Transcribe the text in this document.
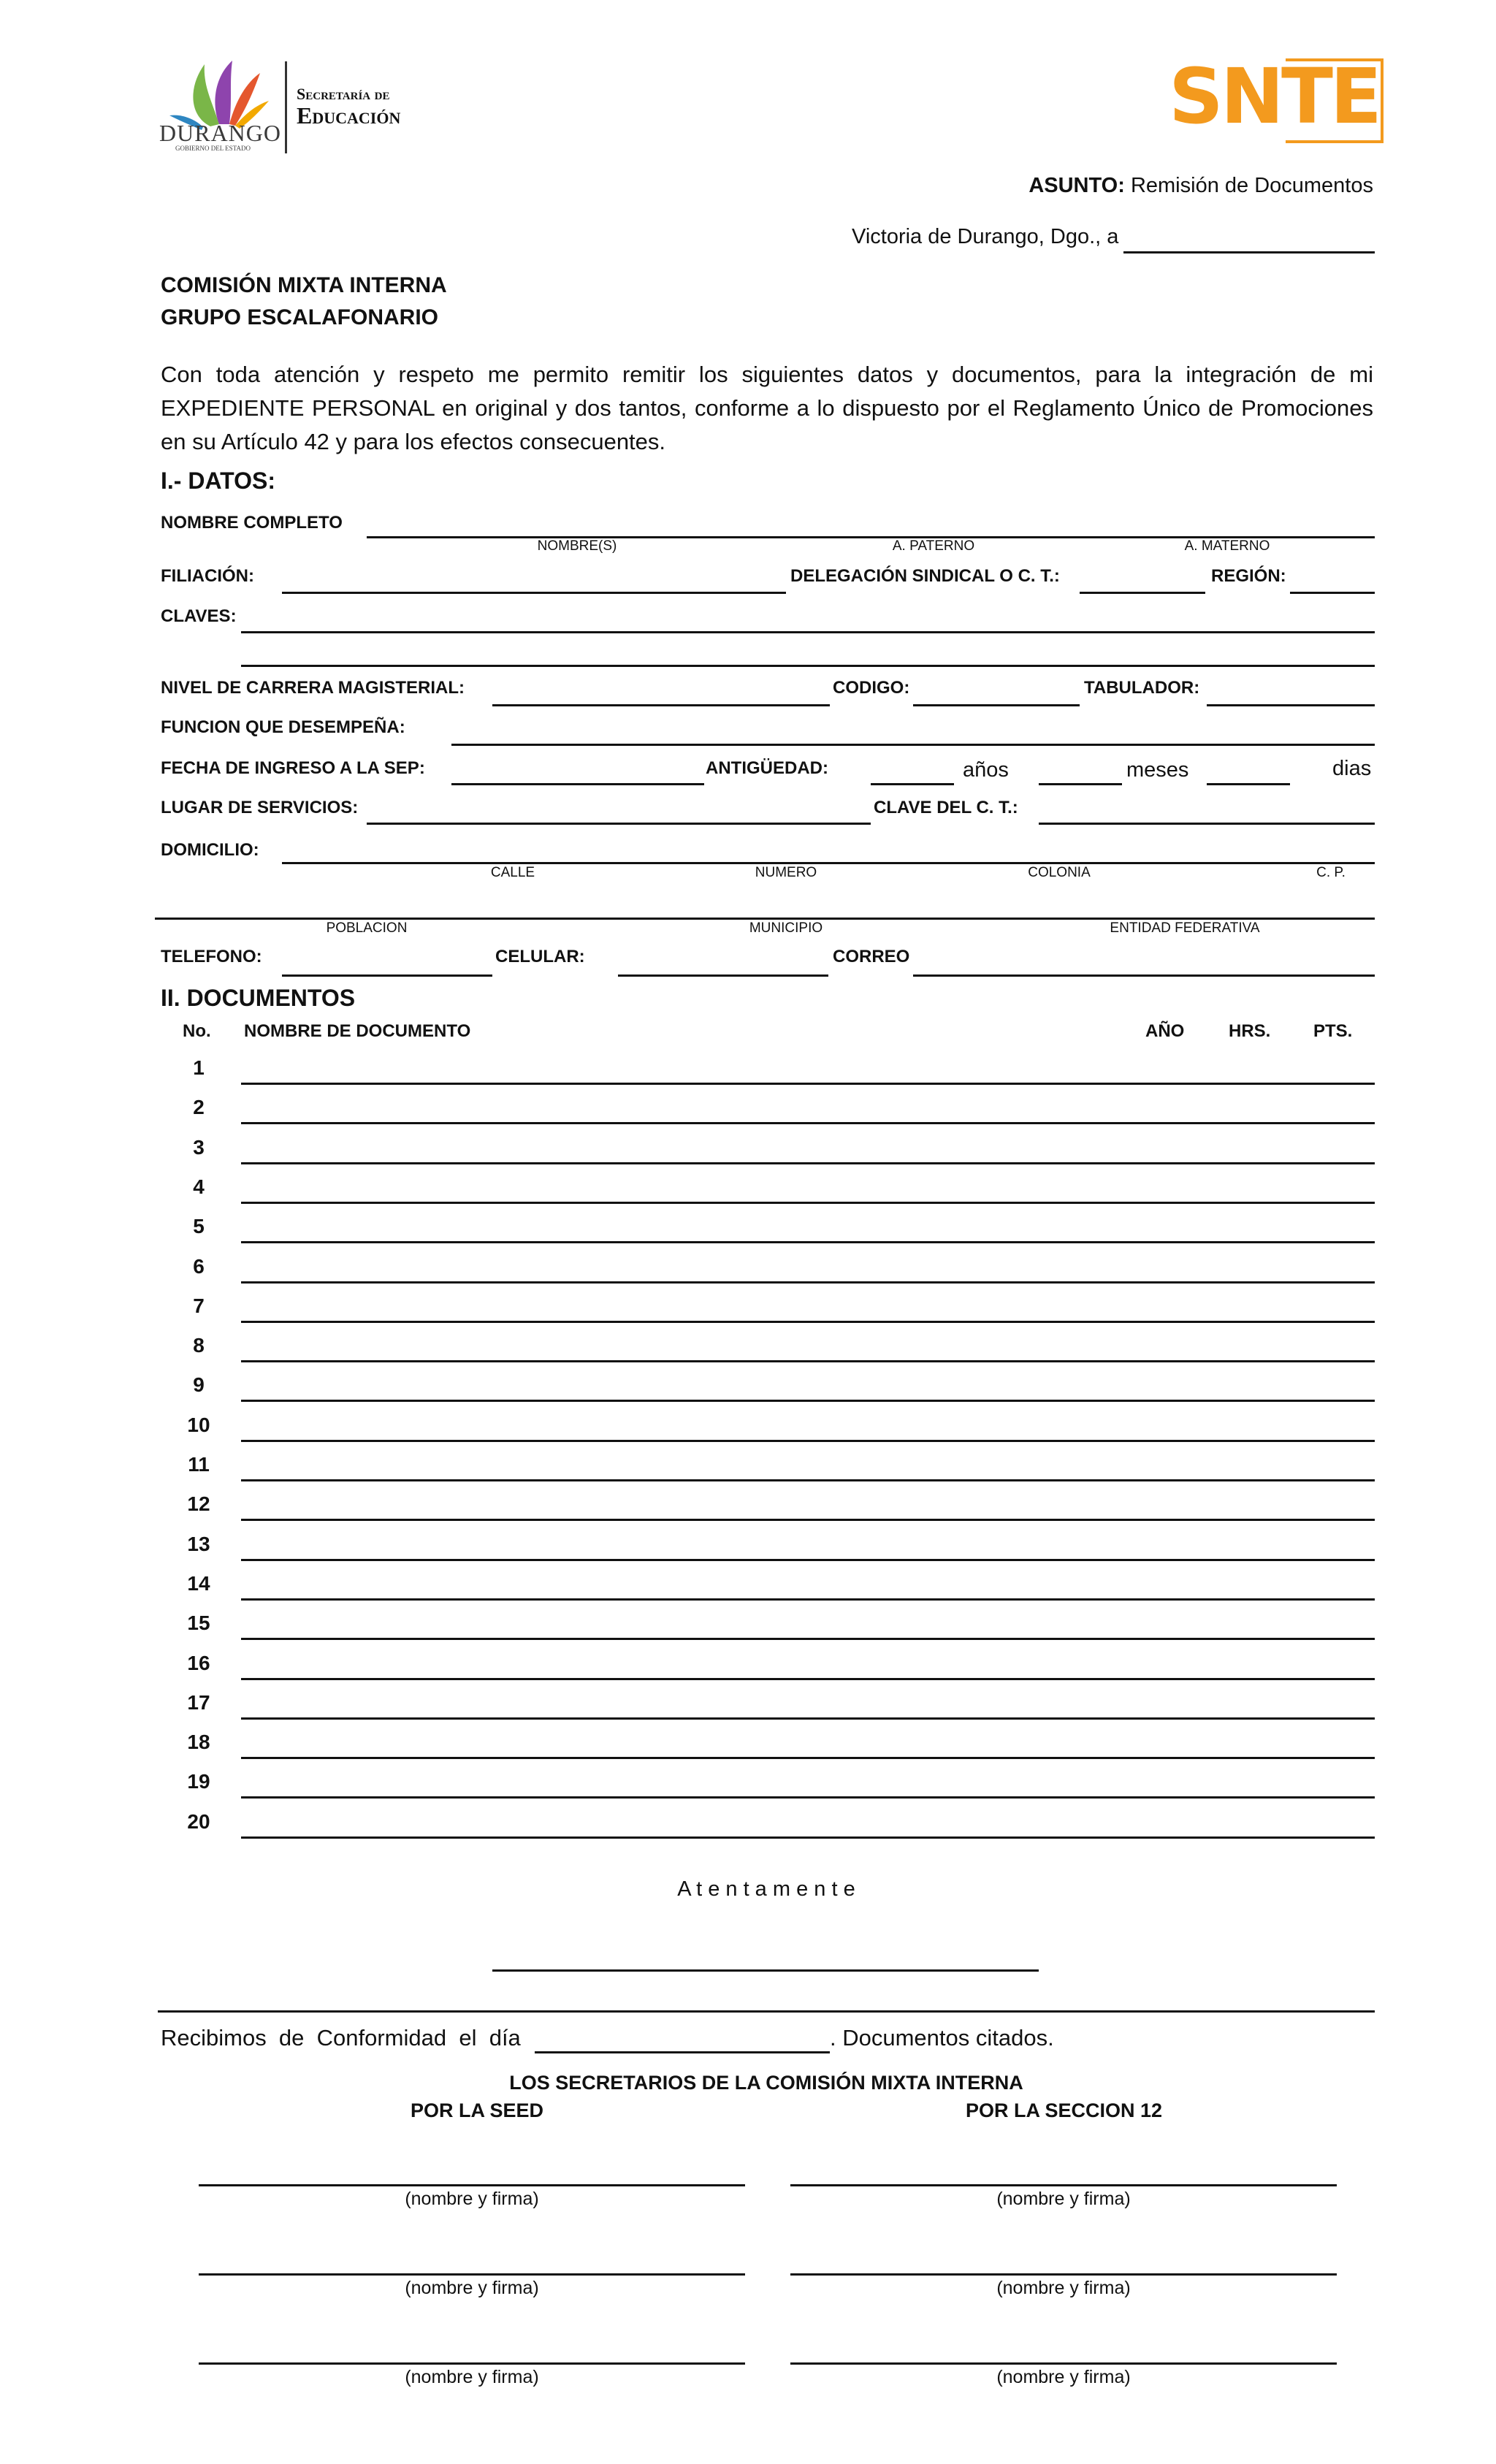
DURANGO
GOBIERNO DEL ESTADO
Secretaría de
Educación	SNTE
ASUNTO: Remisión de Documentos
Victoria de Durango, Dgo., a
COMISIÓN MIXTA INTERNA
GRUPO ESCALAFONARIO
Con toda atención y respeto me permito remitir los siguientes datos y documentos, para la integración de mi EXPEDIENTE PERSONAL en original y dos tantos, conforme a lo dispuesto por el Reglamento Único de Promociones en su Artículo 42 y para los efectos consecuentes.
I.- DATOS:
NOMBRE COMPLETO
NOMBRE(S)	A. PATERNO	A. MATERNO
FILIACIÓN:	DELEGACIÓN SINDICAL O C. T.:	REGIÓN:
CLAVES:
NIVEL DE CARRERA MAGISTERIAL:	CODIGO:	TABULADOR:
FUNCION QUE DESEMPEÑA:
FECHA DE INGRESO A LA SEP:	ANTIGÜEDAD:	años	meses	dias
LUGAR DE SERVICIOS:	CLAVE DEL C. T.:
DOMICILIO:
CALLE	NUMERO	COLONIA	C. P.
POBLACION	MUNICIPIO	ENTIDAD FEDERATIVA
TELEFONO:	CELULAR:	CORREO
II. DOCUMENTOS
No. NOMBRE DE DOCUMENTO	AÑO	HRS. PTS.
1
2
3
4
5
6
7
8
9
10
11
12
13
14
15
16
17
18
19
20
A t e n t a m e n t e
Recibimos  de  Conformidad  el  día	. Documentos citados.
LOS SECRETARIOS DE LA COMISIÓN MIXTA INTERNA
POR LA SEED	POR LA SECCION 12
(nombre y firma)	(nombre y firma)
(nombre y firma)	(nombre y firma)
(nombre y firma)	(nombre y firma)
